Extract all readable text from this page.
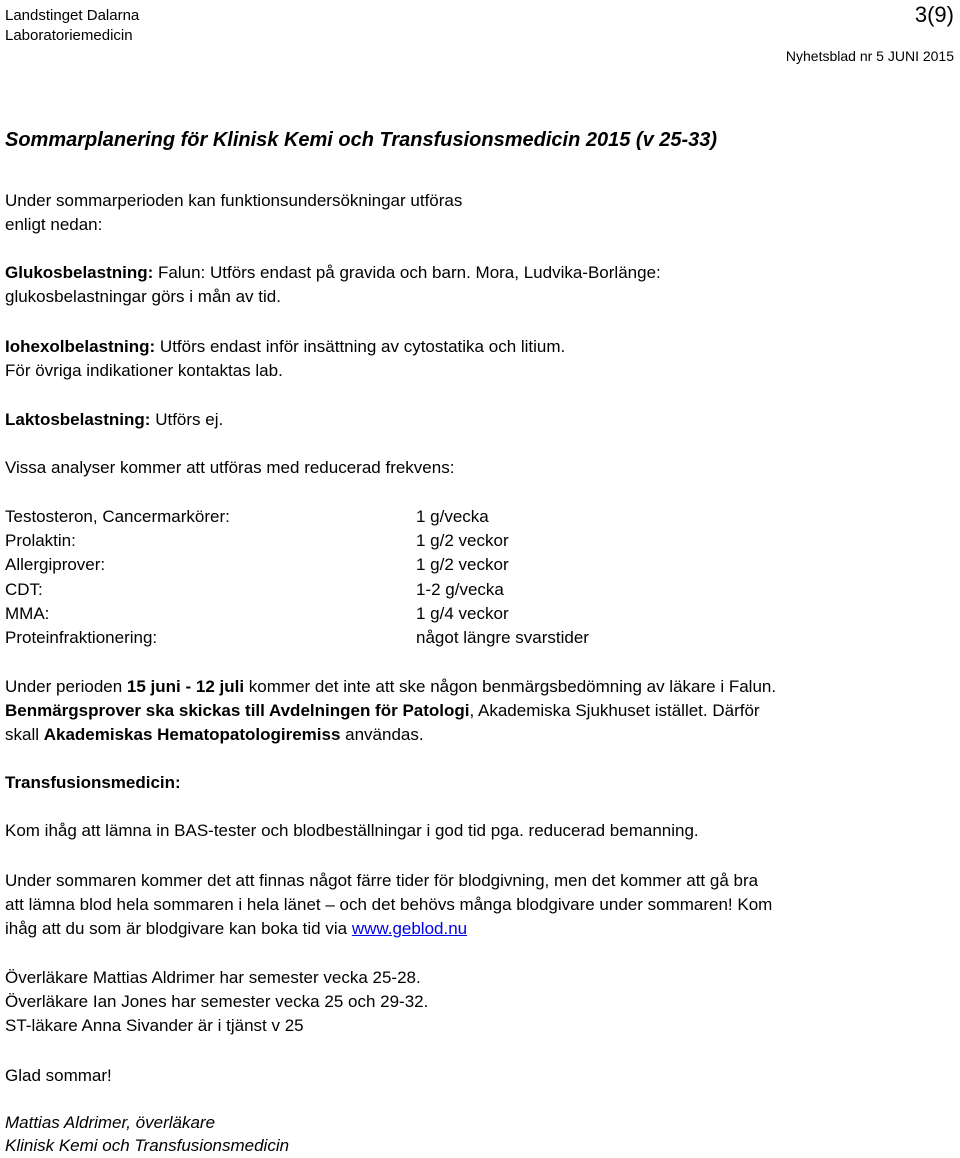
Landstinget Dalarna
Laboratoriemedicin
3(9)
Nyhetsblad nr 5 JUNI 2015
Sommarplanering för Klinisk Kemi och Transfusionsmedicin 2015 (v 25-33)
Under sommarperioden kan funktionsundersökningar utföras
enligt nedan:
Glukosbelastning: Falun: Utförs endast på gravida och barn. Mora, Ludvika-Borlänge:
glukosbelastningar görs i mån av tid.
Iohexolbelastning: Utförs endast inför insättning av cytostatika och litium.
För övriga indikationer kontaktas lab.
Laktosbelastning: Utförs ej.
Vissa analyser kommer att utföras med reducerad frekvens:
Testosteron, Cancermarkörer:	1 g/vecka
Prolaktin:	1 g/2 veckor
Allergiprover:	1 g/2 veckor
CDT:	1-2 g/vecka
MMA:	1 g/4 veckor
Proteinfraktionering:	något längre svarstider
Under perioden 15 juni - 12 juli kommer det inte att ske någon benmärgsbedömning av läkare i Falun.
Benmärgsprover ska skickas till Avdelningen för Patologi, Akademiska Sjukhuset istället. Därför
skall Akademiskas Hematopatologiremiss användas.
Transfusionsmedicin:
Kom ihåg att lämna in BAS-tester och blodbeställningar i god tid pga. reducerad bemanning.
Under sommaren kommer det att finnas något färre tider för blodgivning, men det kommer att gå bra
att lämna blod hela sommaren i hela länet – och det behövs många blodgivare under sommaren! Kom
ihåg att du som är blodgivare kan boka tid via www.geblod.nu
Överläkare Mattias Aldrimer har semester vecka 25-28.
Överläkare Ian Jones har semester vecka 25 och 29-32.
ST-läkare Anna Sivander är i tjänst v 25
Glad sommar!
Mattias Aldrimer, överläkare
Klinisk Kemi och Transfusionsmedicin
